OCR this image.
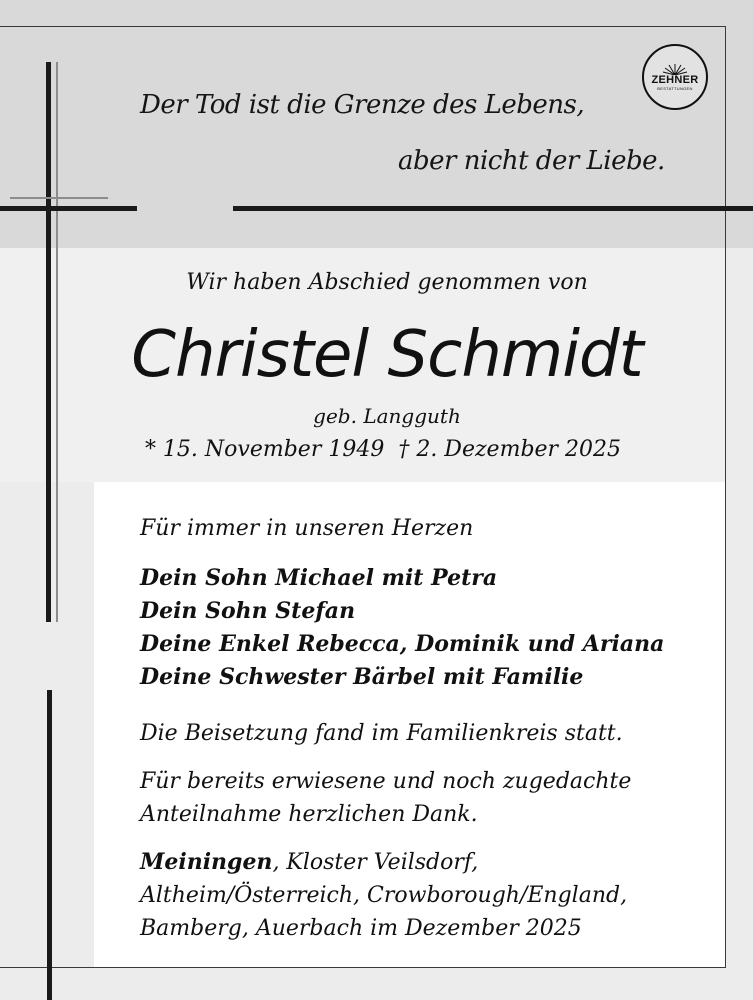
Der Tod ist die Grenze des Lebens,
aber nicht der Liebe.
ZEHNER
BESTATTUNGEN
Wir haben Abschied genommen von
Christel Schmidt
geb. Langguth
* 15. November 1949 † 2. Dezember 2025
Für immer in unseren Herzen
Dein Sohn Michael mit Petra
Dein Sohn Stefan
Deine Enkel Rebecca, Dominik und Ariana
Deine Schwester Bärbel mit Familie
Die Beisetzung fand im Familienkreis statt.
Für bereits erwiesene und noch zugedachte
Anteilnahme herzlichen Dank.
Meiningen, Kloster Veilsdorf,
Altheim/Österreich, Crowborough/England,
Bamberg, Auerbach im Dezember 2025
